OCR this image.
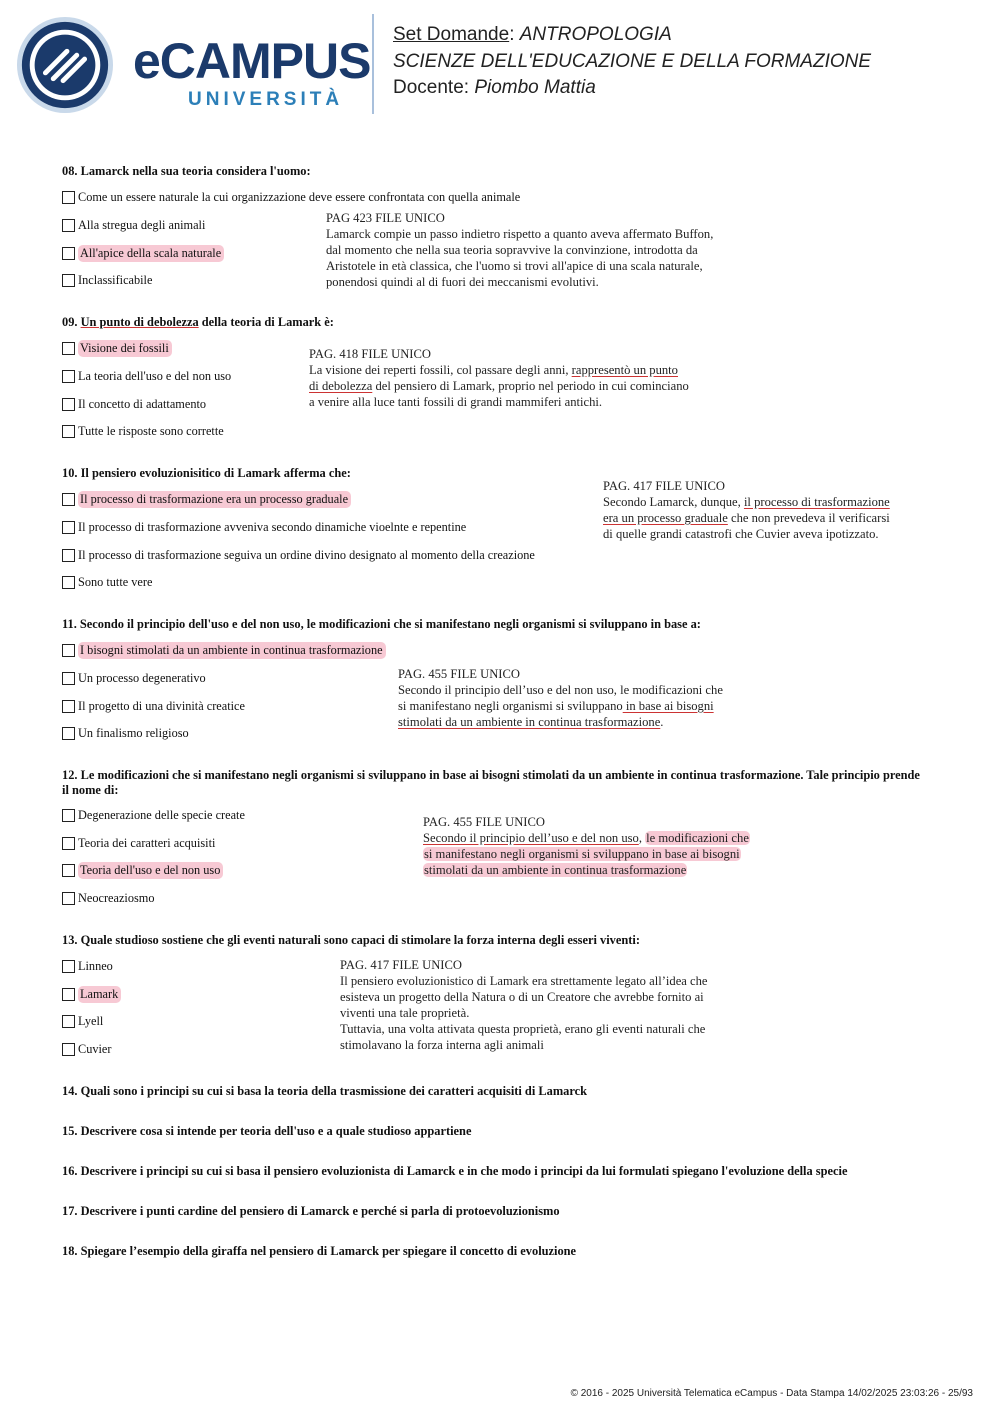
eCAMPUS
UNIVERSITÀ
Set Domande: ANTROPOLOGIA
SCIENZE DELL'EDUCAZIONE E DELLA FORMAZIONE
Docente: Piombo Mattia
08. Lamarck nella sua teoria considera l'uomo:
Come un essere naturale la cui organizzazione deve essere confrontata con quella animale
Alla stregua degli animali
All'apice della scala naturale
Inclassificabile
PAG 423 FILE UNICO
Lamarck compie un passo indietro rispetto a quanto aveva affermato Buffon,
dal momento che nella sua teoria sopravvive la convinzione, introdotta da
Aristotele in età classica, che l'uomo si trovi all'apice di una scala naturale,
ponendosi quindi al di fuori dei meccanismi evolutivi.
09. Un punto di debolezza della teoria di Lamark è:
Visione dei fossili
La teoria dell'uso e del non uso
Il concetto di adattamento
Tutte le risposte sono corrette
PAG. 418 FILE UNICO
La visione dei reperti fossili, col passare degli anni, rappresentò un punto
di debolezza del pensiero di Lamark, proprio nel periodo in cui cominciano
a venire alla luce tanti fossili di grandi mammiferi antichi.
10. Il pensiero evoluzionisitico di Lamark afferma che:
Il processo di trasformazione era un processo graduale
Il processo di trasformazione avveniva secondo dinamiche vioelnte e repentine
Il processo di trasformazione seguiva un ordine divino designato al momento della creazione
Sono tutte vere
PAG. 417 FILE UNICO
Secondo Lamarck, dunque, il processo di trasformazione
era un processo graduale che non prevedeva il verificarsi
di quelle grandi catastrofi che Cuvier aveva ipotizzato.
11. Secondo il principio dell'uso e del non uso, le modificazioni che si manifestano negli organismi si sviluppano in base a:
I bisogni stimolati da un ambiente in continua trasformazione
Un processo degenerativo
Il progetto di una divinità creatice
Un finalismo religioso
PAG. 455 FILE UNICO
Secondo il principio dell’uso e del non uso, le modificazioni che
si manifestano negli organismi si sviluppano in base ai bisogni
stimolati da un ambiente in continua trasformazione.
12. Le modificazioni che si manifestano negli organismi si sviluppano in base ai bisogni stimolati da un ambiente in continua trasformazione. Tale principio prende il nome di:
Degenerazione delle specie create
Teoria dei caratteri acquisiti
Teoria dell'uso e del non uso
Neocreaziosmo
PAG. 455 FILE UNICO
Secondo il principio dell’uso e del non uso, le modificazioni che
si manifestano negli organismi si sviluppano in base ai bisogni
stimolati da un ambiente in continua trasformazione
13. Quale studioso sostiene che gli eventi naturali sono capaci di stimolare la forza interna degli esseri viventi:
Linneo
Lamark
Lyell
Cuvier
PAG. 417 FILE UNICO
Il pensiero evoluzionistico di Lamark era strettamente legato all’idea che
esisteva un progetto della Natura o di un Creatore che avrebbe fornito ai
viventi una tale proprietà.
Tuttavia, una volta attivata questa proprietà, erano gli eventi naturali che
stimolavano la forza interna agli animali
14. Quali sono i principi su cui si basa la teoria della trasmissione dei caratteri acquisiti di Lamarck
15. Descrivere cosa si intende per teoria dell'uso e a quale studioso appartiene
16. Descrivere i principi su cui si basa il pensiero evoluzionista di Lamarck e in che modo i principi da lui formulati spiegano l'evoluzione della specie
17. Descrivere i punti cardine del pensiero di Lamarck e perché si parla di protoevoluzionismo
18. Spiegare l’esempio della giraffa nel pensiero di Lamarck per spiegare il concetto di evoluzione
© 2016 - 2025 Università Telematica eCampus - Data Stampa 14/02/2025 23:03:26 - 25/93
